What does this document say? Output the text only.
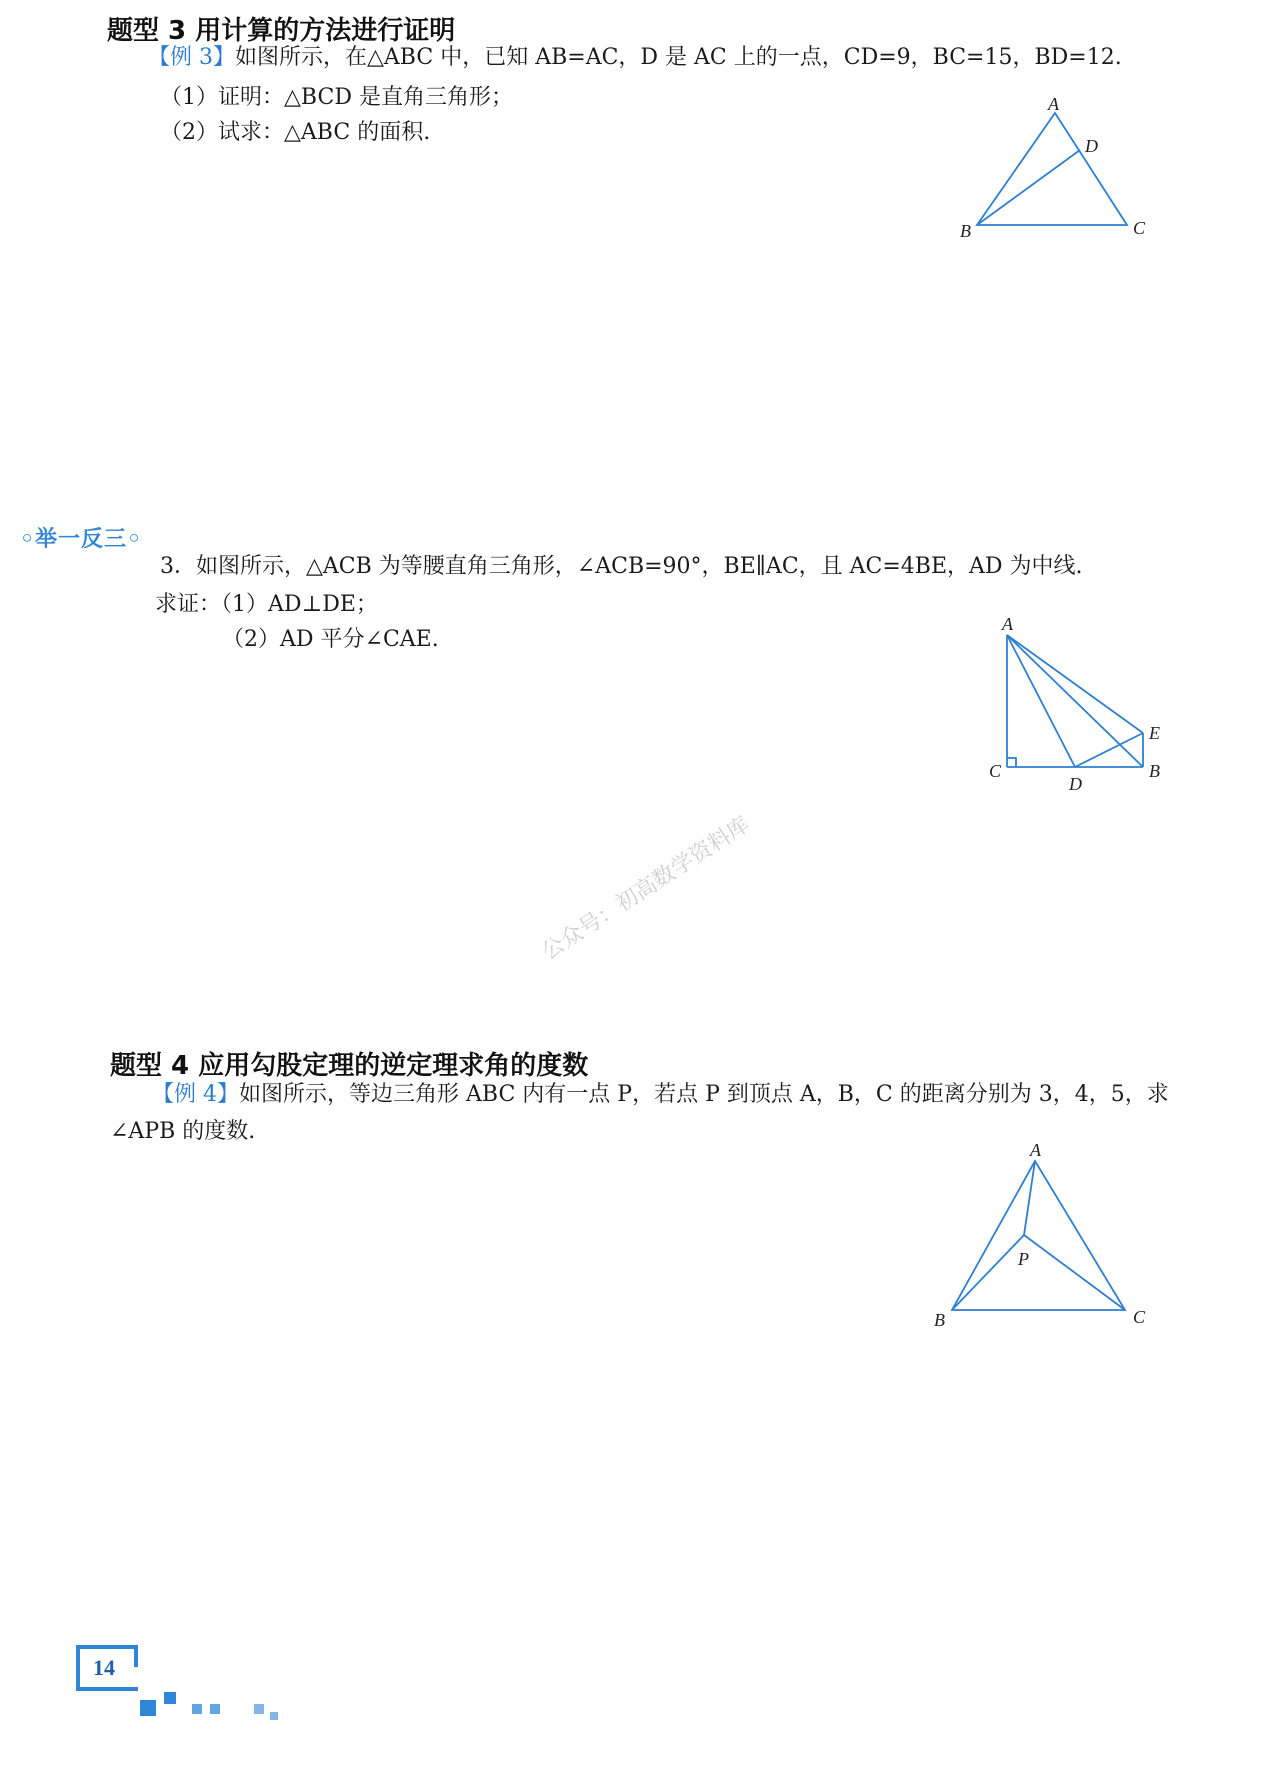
题型 3 用计算的方法进行证明
【例 3】如图所示，在△ABC 中，已知 AB=AC，D 是 AC 上的一点，CD=9，BC=15，BD=12.
（1）证明：△BCD 是直角三角形；
（2）试求：△ABC 的面积.
A
D
B	C
◦举一反三◦
3．如图所示，△ACB 为等腰直角三角形，∠ACB=90°，BE∥AC，且 AC=4BE，AD 为中线.
求证：（1）AD⊥DE；
（2）AD 平分∠CAE.
A
C
D
B
E
公众号：初高数学资料库
题型 4 应用勾股定理的逆定理求角的度数
【例 4】如图所示，等边三角形 ABC 内有一点 P，若点 P 到顶点 A，B，C 的距离分别为 3，4，5，求
∠APB 的度数.
A
P
B	C
14
